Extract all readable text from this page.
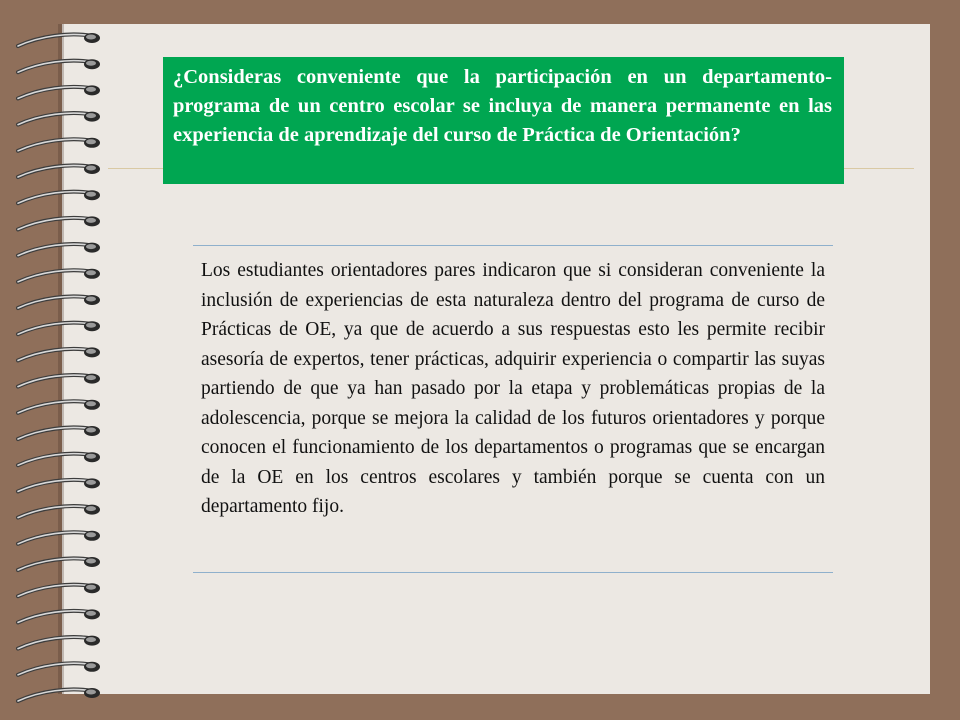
¿Consideras conveniente que la participación en un departamento-programa de un centro escolar se incluya de manera permanente en las experiencia de aprendizaje del curso de Práctica de Orientación?

Los estudiantes orientadores pares indicaron que si consideran conveniente la inclusión de experiencias de esta naturaleza dentro del programa de curso de Prácticas de OE, ya que de acuerdo a sus respuestas esto les permite recibir asesoría de expertos, tener prácticas, adquirir experiencia o compartir las suyas partiendo de que ya han pasado por la etapa y problemáticas propias de la adolescencia, porque se mejora la calidad de los futuros orientadores y porque conocen el funcionamiento de los departamentos o programas que se encargan de la OE en los centros escolares y también porque se cuenta con un departamento fijo.
